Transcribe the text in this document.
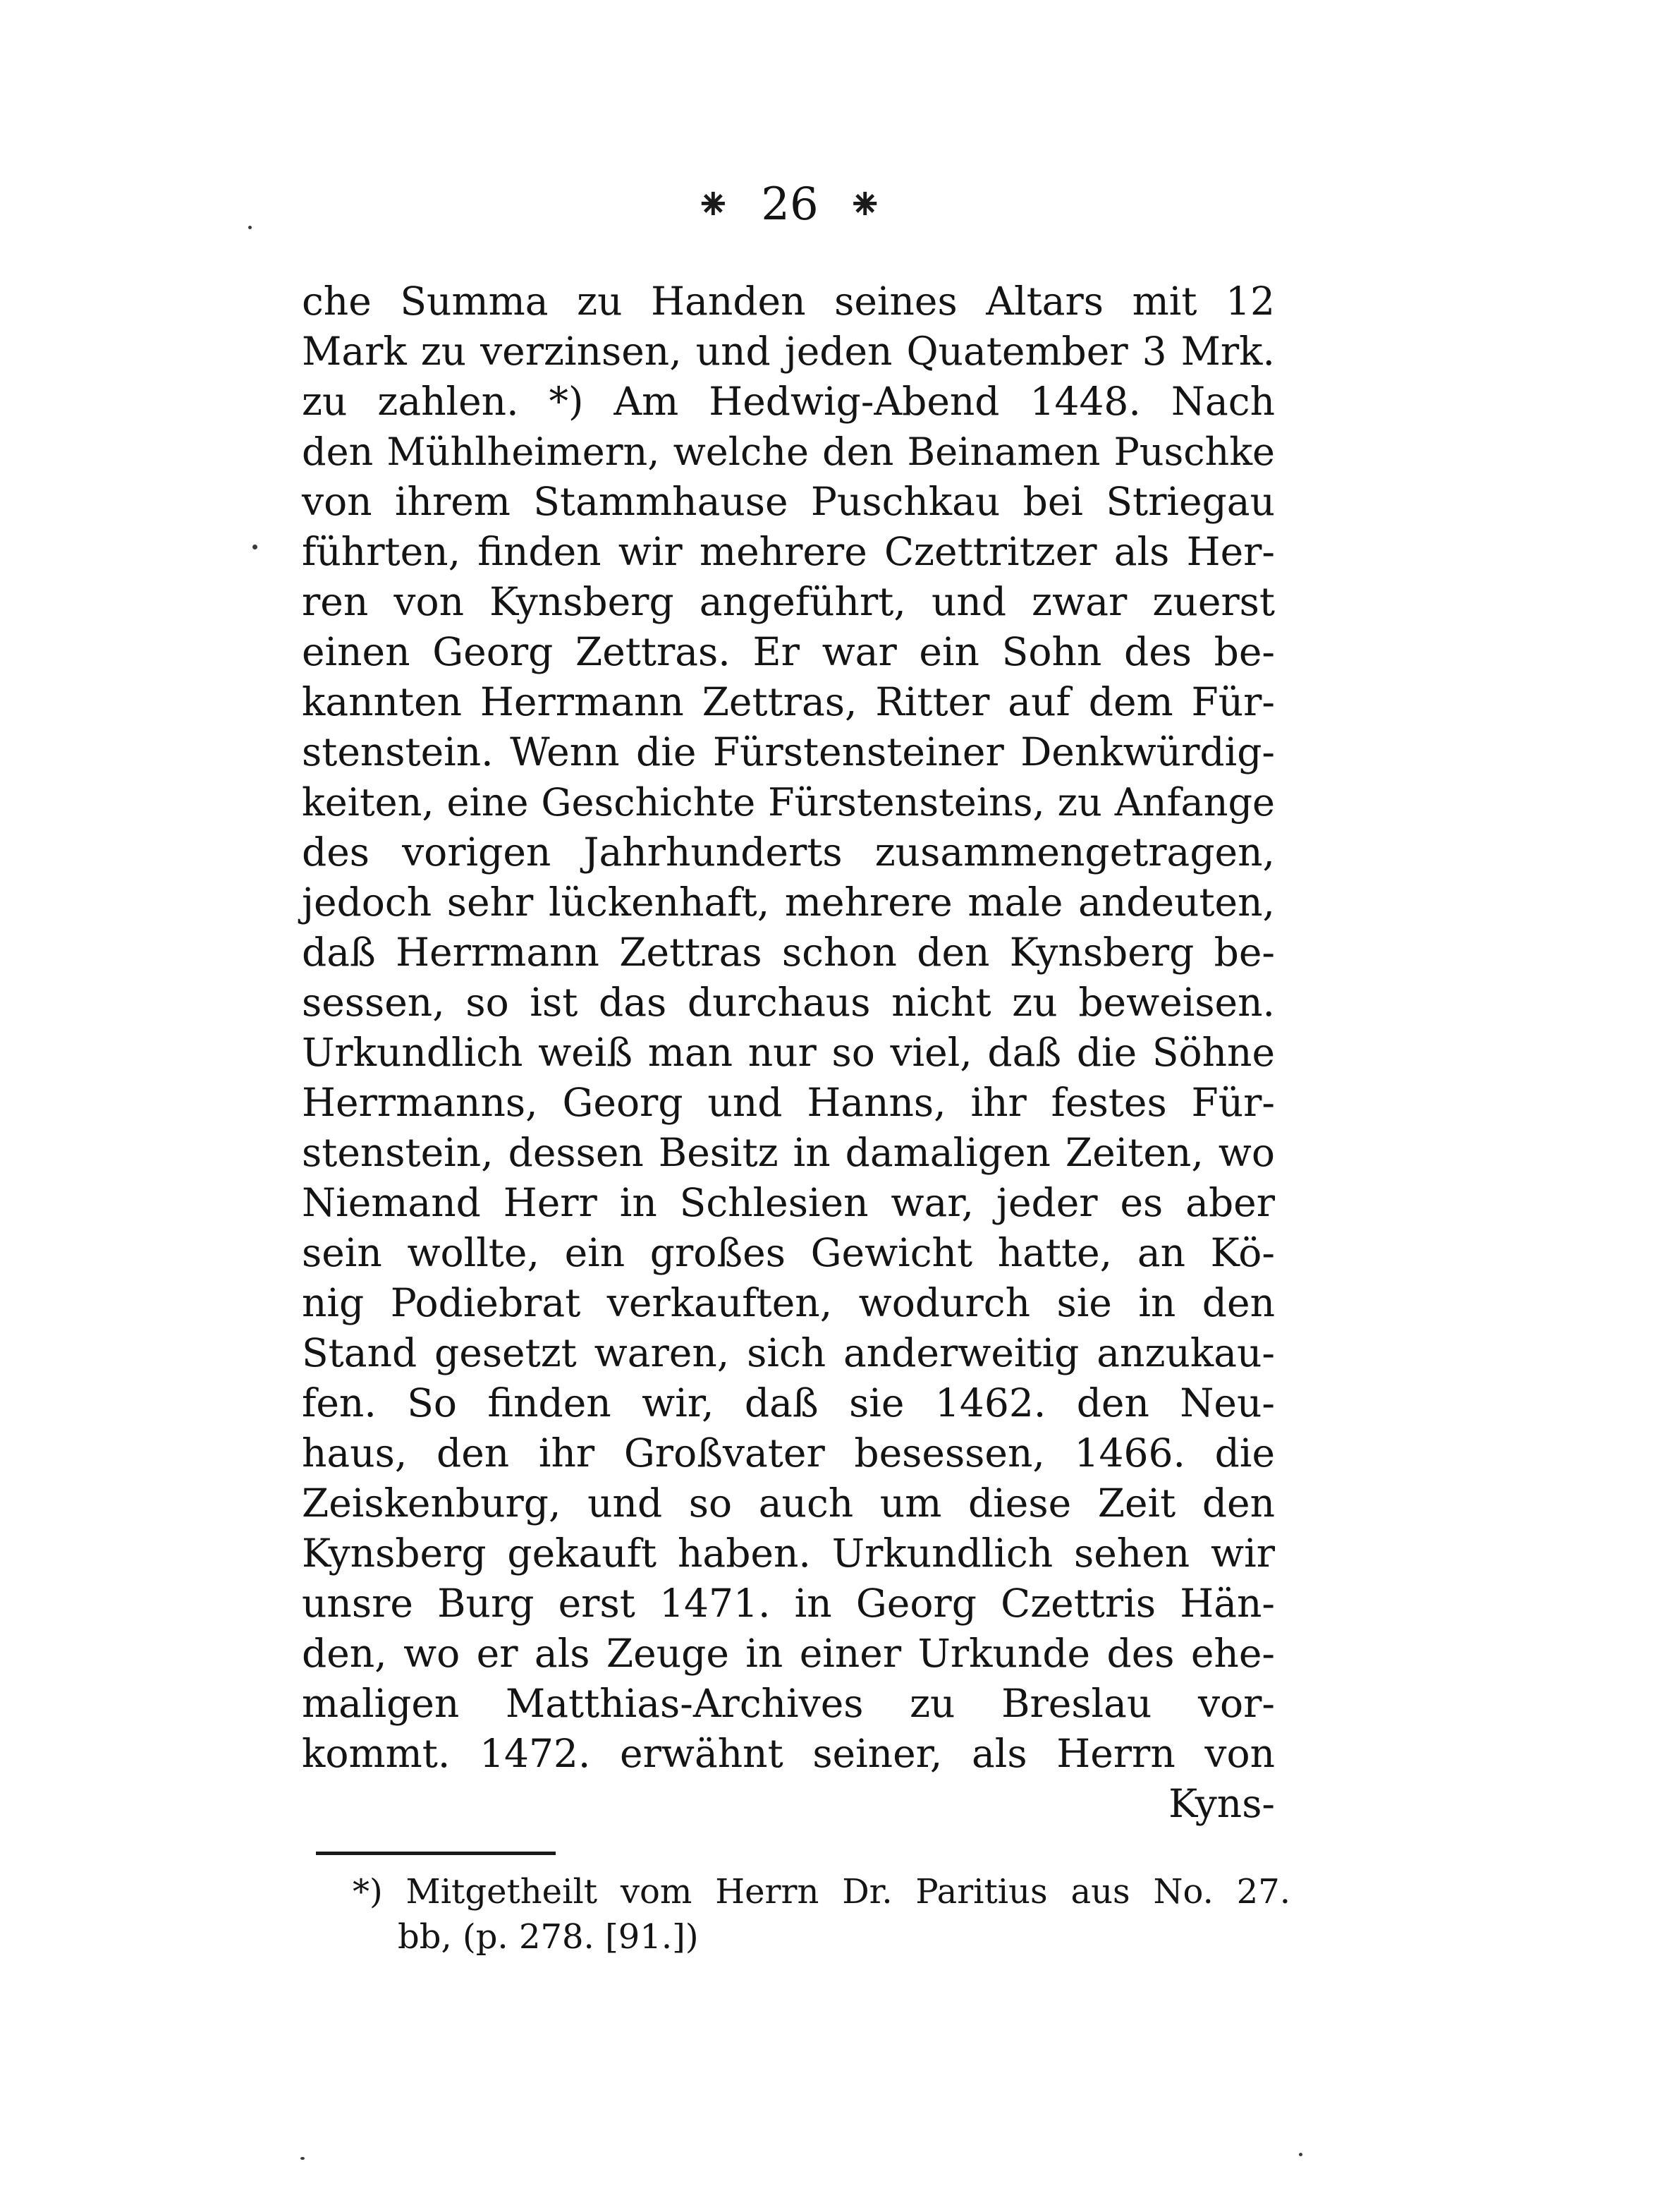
⁕ 26 ⁕
che Summa zu Handen seines Altars mit 12
Mark zu verzinsen, und jeden Quatember 3 Mrk.
zu zahlen. *) Am Hedwig-Abend 1448. Nach
den Mühlheimern, welche den Beinamen Puschke
von ihrem Stammhause Puschkau bei Striegau
führten, finden wir mehrere Czettritzer als Her-
ren von Kynsberg angeführt, und zwar zuerst
einen Georg Zettras. Er war ein Sohn des be-
kannten Herrmann Zettras, Ritter auf dem Für-
stenstein. Wenn die Fürstensteiner Denkwürdig-
keiten, eine Geschichte Fürstensteins, zu Anfange
des vorigen Jahrhunderts zusammengetragen,
jedoch sehr lückenhaft, mehrere male andeuten,
daß Herrmann Zettras schon den Kynsberg be-
sessen, so ist das durchaus nicht zu beweisen.
Urkundlich weiß man nur so viel, daß die Söhne
Herrmanns, Georg und Hanns, ihr festes Für-
stenstein, dessen Besitz in damaligen Zeiten, wo
Niemand Herr in Schlesien war, jeder es aber
sein wollte, ein großes Gewicht hatte, an Kö-
nig Podiebrat verkauften, wodurch sie in den
Stand gesetzt waren, sich anderweitig anzukau-
fen. So finden wir, daß sie 1462. den Neu-
haus, den ihr Großvater besessen, 1466. die
Zeiskenburg, und so auch um diese Zeit den
Kynsberg gekauft haben. Urkundlich sehen wir
unsre Burg erst 1471. in Georg Czettris Hän-
den, wo er als Zeuge in einer Urkunde des ehe-
maligen Matthias-Archives zu Breslau vor-
kommt. 1472. erwähnt seiner, als Herrn von
Kyns-
*) Mitgetheilt vom Herrn Dr. Paritius aus No. 27.
bb, (p. 278. [91.])
